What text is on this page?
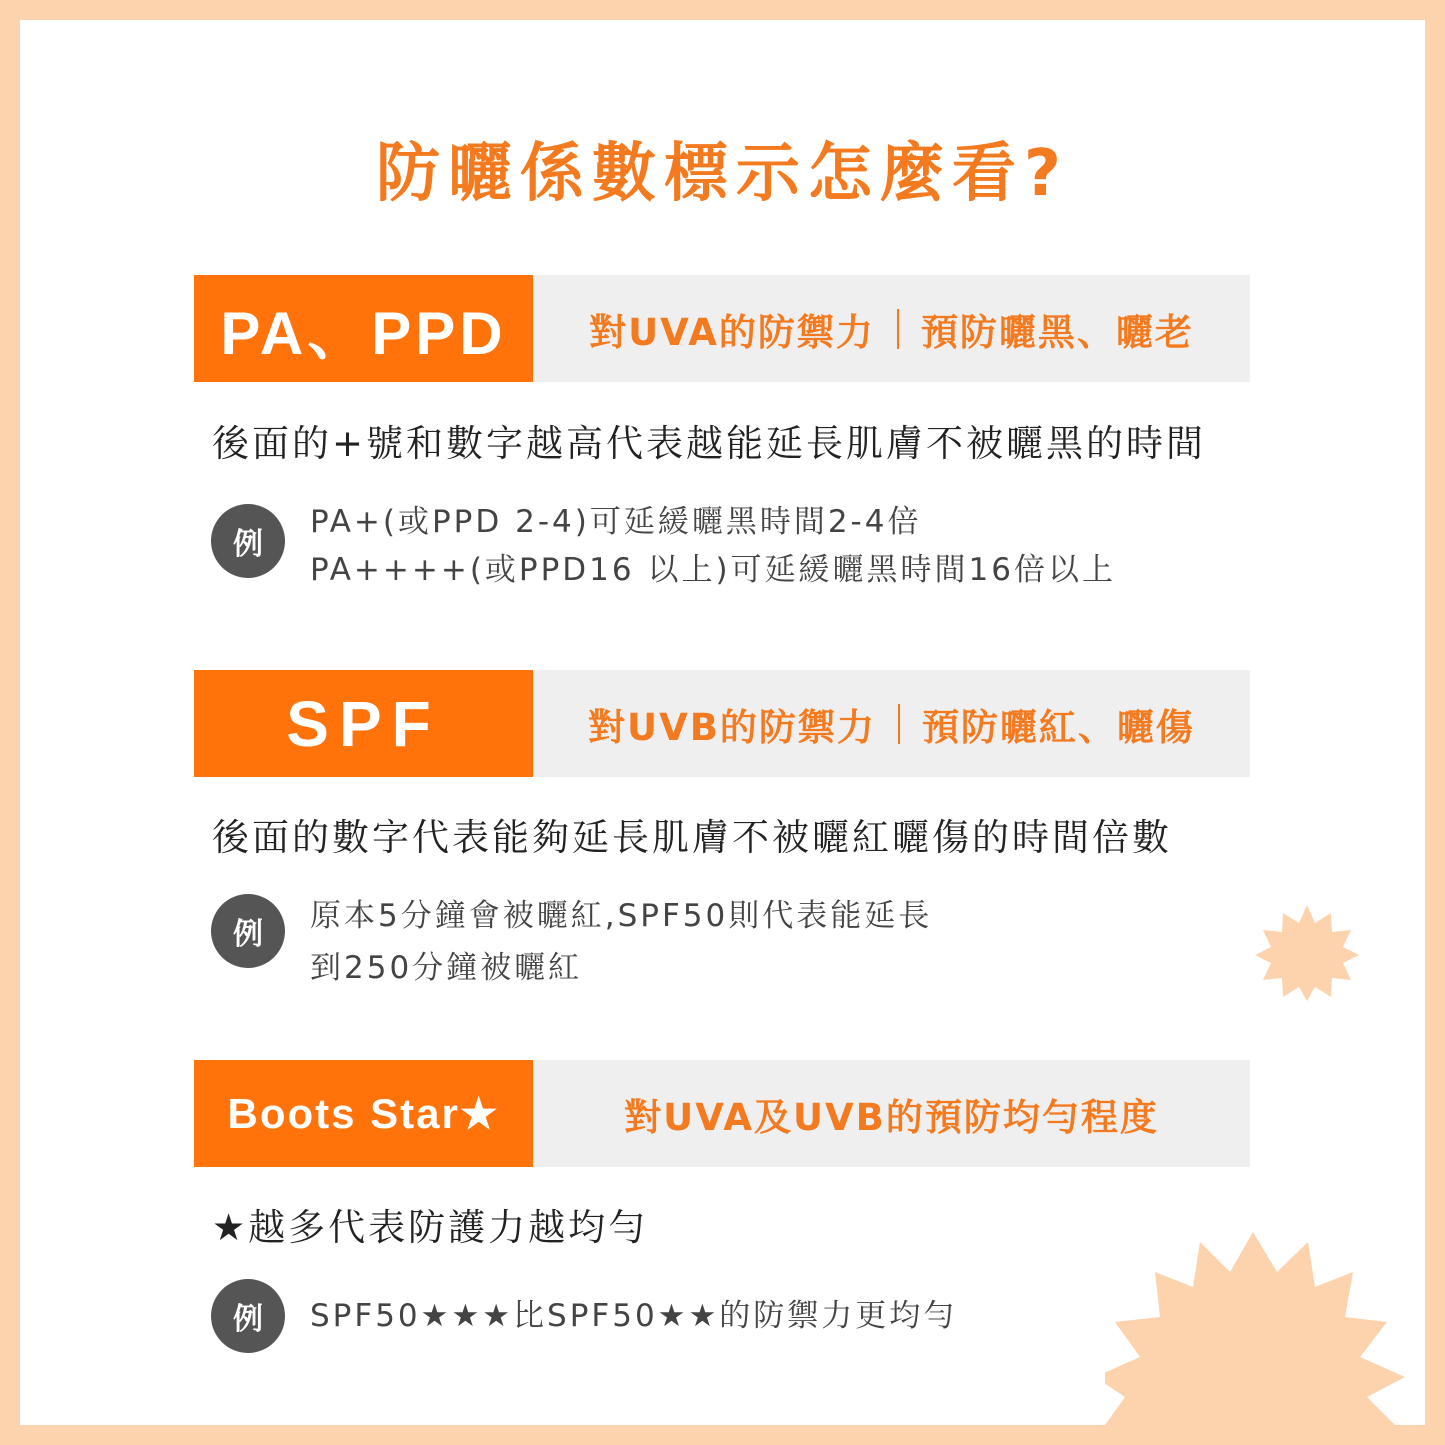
防曬係數標示怎麼看?
PA、PPD	對UVA的防禦力 預防曬黑、曬老
後面的+號和數字越高代表越能延長肌膚不被曬黑的時間
例
PA+(或PPD 2-4)可延緩曬黑時間2-4倍
PA++++(或PPD16 以上)可延緩曬黑時間16倍以上
SPF	對UVB的防禦力 預防曬紅、曬傷
後面的數字代表能夠延長肌膚不被曬紅曬傷的時間倍數
例
原本5分鐘會被曬紅,SPF50則代表能延長
到250分鐘被曬紅
Boots Star★	對UVA及UVB的預防均勻程度
★越多代表防護力越均勻
例	SPF50★★★比SPF50★★的防禦力更均勻
